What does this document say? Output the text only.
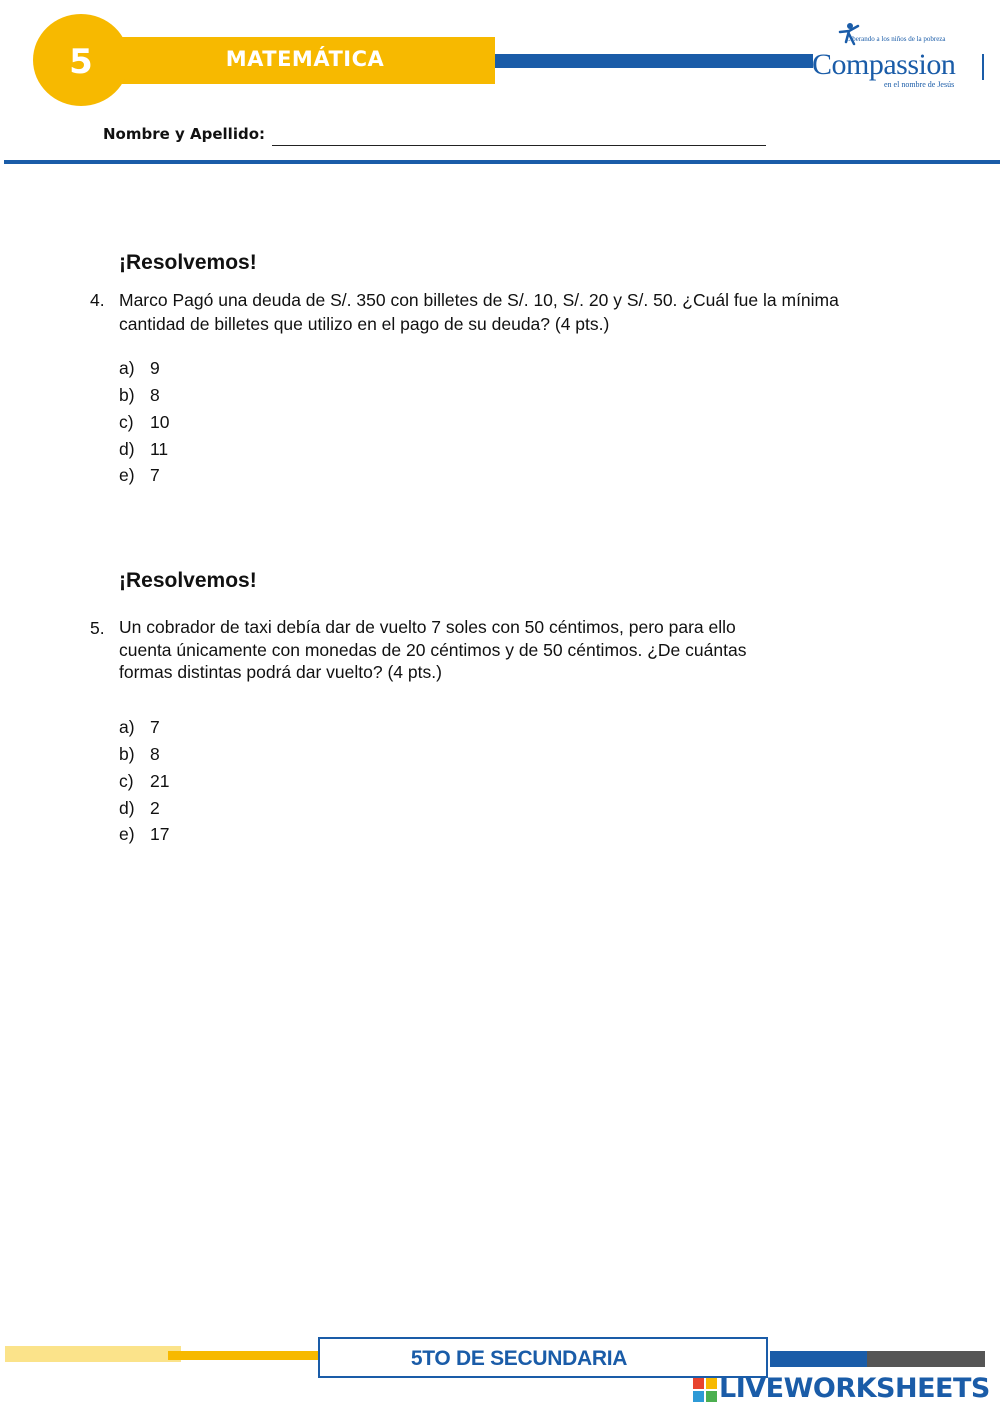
5	MATEMÁTICA
Liberando a los niños de la pobreza
Compassion
en el nombre de Jesús
Nombre y Apellido:
¡Resolvemos!
4. Marco Pagó una deuda de S/. 350 con billetes de S/. 10, S/. 20 y S/. 50. ¿Cuál fue la mínima
cantidad de billetes que utilizo en el pago de su deuda? (4 pts.)
a) 9
b) 8
c) 10
d) 11
e) 7
¡Resolvemos!
5. Un cobrador de taxi debía dar de vuelto 7 soles con 50 céntimos, pero para ello
cuenta únicamente con monedas de 20 céntimos y de 50 céntimos. ¿De cuántas
formas distintas podrá dar vuelto? (4 pts.)
a) 7
b) 8
c) 21
d) 2
e) 17
5TO DE SECUNDARIA
LIVEWORKSHEETS
